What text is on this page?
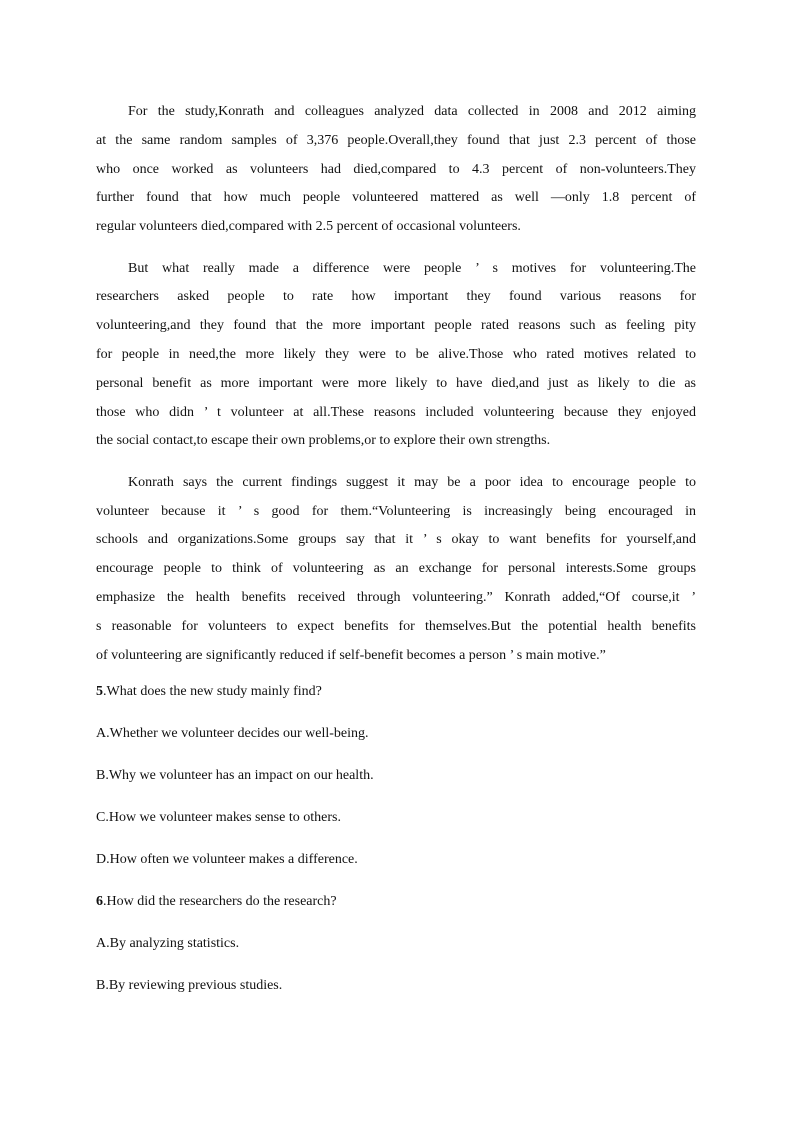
For the study,Konrath and colleagues analyzed data collected in 2008 and 2012 aiming
at the same random samples of 3,376 people.Overall,they found that just 2.3 percent of those
who once worked as volunteers had died,compared to 4.3 percent of non-volunteers.They
further found that how much people volunteered mattered as well —only 1.8 percent of
regular volunteers died,compared with 2.5 percent of occasional volunteers.
But what really made a difference were people ’ s motives for volunteering.The
researchers asked people to rate how important they found various reasons for
volunteering,and they found that the more important people rated reasons such as feeling pity
for people in need,the more likely they were to be alive.Those who rated motives related to
personal benefit as more important were more likely to have died,and just as likely to die as
those who didn ’ t volunteer at all.These reasons included volunteering because they enjoyed
the social contact,to escape their own problems,or to explore their own strengths.
Konrath says the current findings suggest it may be a poor idea to encourage people to
volunteer because it ’ s good for them.“Volunteering is increasingly being encouraged in
schools and organizations.Some groups say that it ’ s okay to want benefits for yourself,and
encourage people to think of volunteering as an exchange for personal interests.Some groups
emphasize the health benefits received through volunteering.” Konrath added,“Of course,it ’
s reasonable for volunteers to expect benefits for themselves.But the potential health benefits
of volunteering are significantly reduced if self-benefit becomes a person ’ s main motive.”
5.What does the new study mainly find?
A.Whether we volunteer decides our well-being.
B.Why we volunteer has an impact on our health.
C.How we volunteer makes sense to others.
D.How often we volunteer makes a difference.
6.How did the researchers do the research?
A.By analyzing statistics.
B.By reviewing previous studies.
